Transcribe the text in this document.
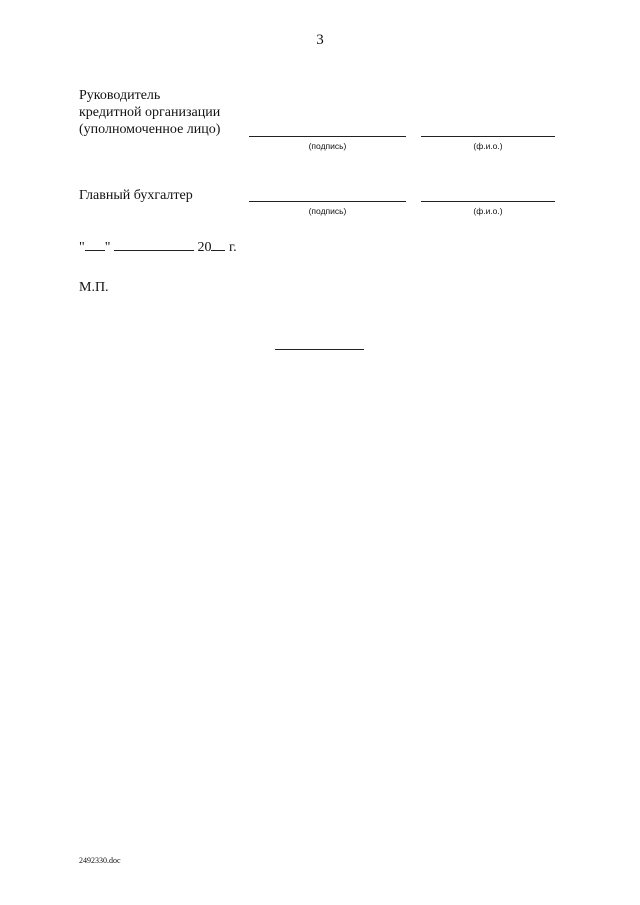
3
Руководитель
кредитной организации
(уполномоченное лицо)
(подпись)	(ф.и.о.)
Главный бухгалтер
(подпись)	(ф.и.о.)
" "	20 г.
М.П.
2492330.doc
